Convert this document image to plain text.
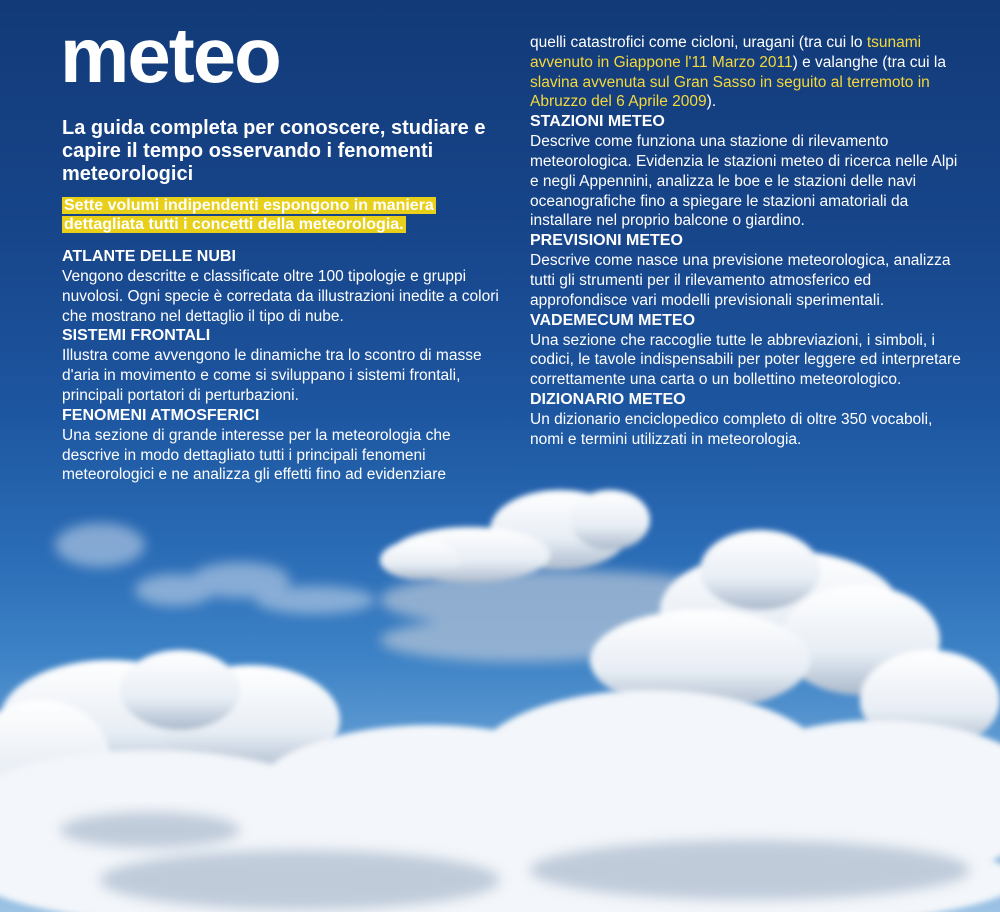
meteo
La guida completa per conoscere, studiare e capire il tempo osservando i fenomenti meteorologici
Sette volumi indipendenti espongono in maniera dettagliata tutti i concetti della meteorologia.

ATLANTE DELLE NUBI

Vengono descritte e classificate oltre 100 tipologie e gruppi nuvolosi. Ogni specie è corredata da illustrazioni inedite a colori che mostrano nel dettaglio il tipo di nube.

SISTEMI FRONTALI

Illustra come avvengono le dinamiche tra lo scontro di masse d'aria in movimento e come si sviluppano i sistemi frontali, principali portatori di perturbazioni.

FENOMENI ATMOSFERICI

Una sezione di grande interesse per la meteorologia che descrive in modo dettagliato tutti i principali fenomeni meteorologici e ne analizza gli effetti fino ad evidenziare

quelli catastrofici come cicloni, uragani (tra cui lo tsunami avvenuto in Giappone l'11 Marzo 2011) e valanghe (tra cui la slavina avvenuta sul Gran Sasso in seguito al terremoto in Abruzzo del 6 Aprile 2009).

STAZIONI METEO

Descrive come funziona una stazione di rilevamento meteorologica. Evidenzia le stazioni meteo di ricerca nelle Alpi e negli Appennini, analizza le boe e le stazioni delle navi oceanografiche fino a spiegare le stazioni amatoriali da installare nel proprio balcone o giardino.

PREVISIONI METEO

Descrive come nasce una previsione meteorologica, analizza tutti gli strumenti per il rilevamento atmosferico ed approfondisce vari modelli previsionali sperimentali.

VADEMECUM METEO

Una sezione che raccoglie tutte le abbreviazioni, i simboli, i codici, le tavole indispensabili per poter leggere ed interpretare correttamente una carta o un bollettino meteorologico.

DIZIONARIO METEO

Un dizionario enciclopedico completo di oltre 350 vocaboli, nomi e termini utilizzati in meteorologia.
